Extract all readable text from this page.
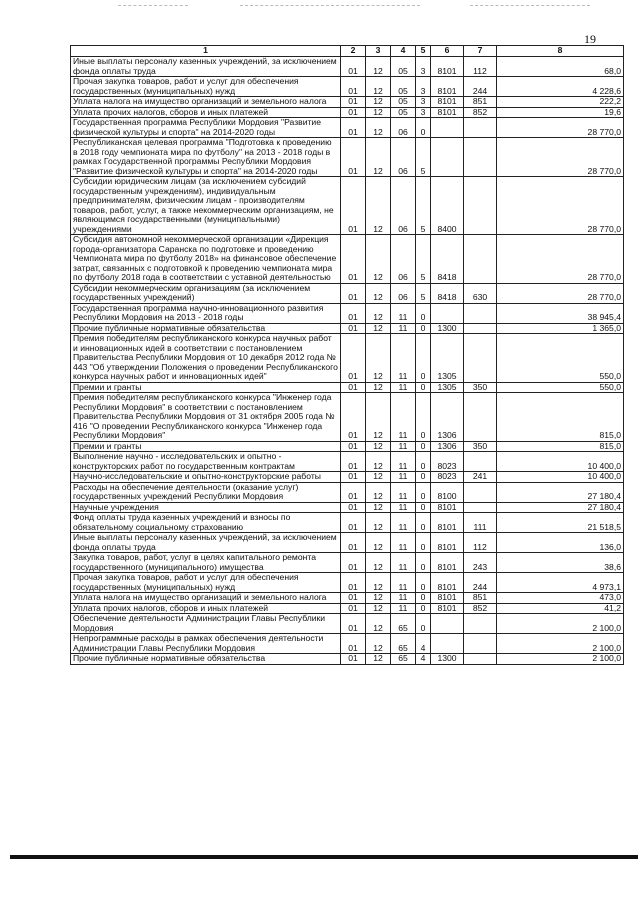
19
1	2	3	4	5	6	7	8
Иные выплаты персоналу казенных учреждений, за исключением фонда оплаты труда	01	12	05	3	8101	112	68,0
Прочая закупка товаров, работ и услуг для обеспечения государственных (муниципальных) нужд	01	12	05	3	8101	244	4 228,6
Уплата налога на имущество организаций и земельного налога	01	12	05	3	8101	851	222,2
Уплата прочих налогов, сборов и иных платежей	01	12	05	3	8101	852	19,6
Государственная программа Республики Мордовия "Развитие физической культуры и спорта" на 2014-2020 годы	01	12	06	0			28 770,0
Республиканская целевая программа "Подготовка к проведению в 2018 году чемпионата мира по футболу" на 2013 - 2018 годы в рамках Государственной программы Республики Мордовия "Развитие физической культуры и спорта" на 2014-2020 годы	01	12	06	5			28 770,0
Субсидии юридическим лицам (за исключением субсидий государственным учреждениям), индивидуальным предпринимателям, физическим лицам - производителям товаров, работ, услуг, а также некоммерческим организациям, не являющимся государственными (муниципальными) учреждениями	01	12	06	5	8400		28 770,0
Субсидия автономной некоммерческой организации «Дирекция города-организатора Саранска по подготовке и проведению Чемпионата мира по футболу 2018» на финансовое обеспечение затрат, связанных с подготовкой к проведению чемпионата мира по футболу 2018 года в соответствии с уставной деятельностью	01	12	06	5	8418		28 770,0
Субсидии некоммерческим организациям (за исключением государственных учреждений)	01	12	06	5	8418	630	28 770,0
Государственная программа научно-инновационного развития Республики Мордовия на 2013 - 2018 годы	01	12	11	0			38 945,4
Прочие публичные нормативные обязательства	01	12	11	0	1300		1 365,0
Премия победителям республиканского конкурса научных работ и инновационных идей в соответствии с постановлением Правительства Республики Мордовия от 10 декабря 2012 года № 443 "Об утверждении Положения о проведении Республиканского конкурса научных работ и инновационных идей"	01	12	11	0	1305		550,0
Премии и гранты	01	12	11	0	1305	350	550,0
Премия победителям республиканского конкурса "Инженер года Республики Мордовия" в соответствии с постановлением Правительства Республики Мордовия от 31 октября 2005 года № 416 "О проведении Республиканского конкурса "Инженер года Республики Мордовия"	01	12	11	0	1306		815,0
Премии и гранты	01	12	11	0	1306	350	815,0
Выполнение научно - исследовательских и опытно - конструкторских работ по государственным контрактам	01	12	11	0	8023		10 400,0
Научно-исследовательские и опытно-конструкторские работы	01	12	11	0	8023	241	10 400,0
Расходы на обеспечение деятельности (оказание услуг) государственных учреждений Республики Мордовия	01	12	11	0	8100		27 180,4
Научные учреждения	01	12	11	0	8101		27 180,4
Фонд оплаты труда казенных учреждений и взносы по обязательному социальному страхованию	01	12	11	0	8101	111	21 518,5
Иные выплаты персоналу казенных учреждений, за исключением фонда оплаты труда	01	12	11	0	8101	112	136,0
Закупка товаров, работ, услуг в целях капитального ремонта государственного (муниципального) имущества	01	12	11	0	8101	243	38,6
Прочая закупка товаров, работ и услуг для обеспечения государственных (муниципальных) нужд	01	12	11	0	8101	244	4 973,1
Уплата налога на имущество организаций и земельного налога	01	12	11	0	8101	851	473,0
Уплата прочих налогов, сборов и иных платежей	01	12	11	0	8101	852	41,2
Обеспечение деятельности Администрации Главы Республики Мордовия	01	12	65	0			2 100,0
Непрограммные расходы в рамках обеспечения деятельности Администрации Главы Республики Мордовия	01	12	65	4			2 100,0
Прочие публичные нормативные обязательства	01	12	65	4	1300		2 100,0
